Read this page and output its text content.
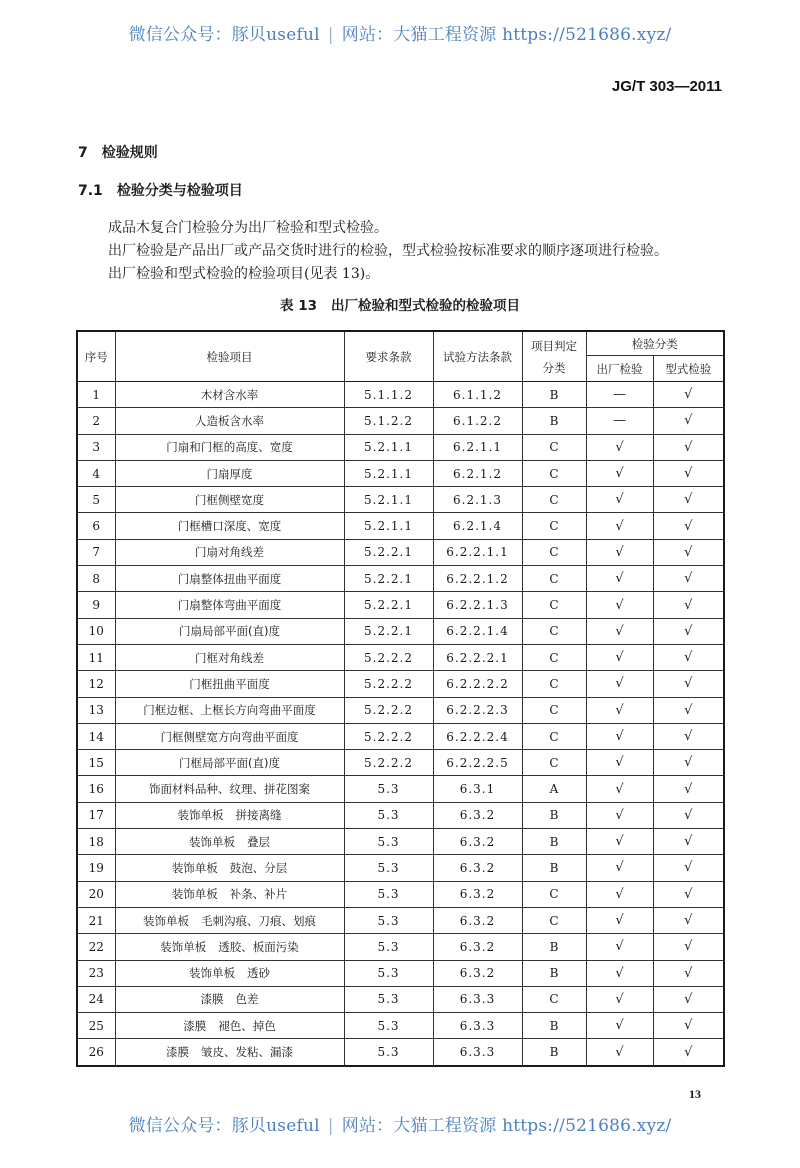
微信公众号：豚贝useful | 网站：大猫工程资源 https://521686.xyz/
JG/T 303—2011
7 检验规则
7.1 检验分类与检验项目
成品木复合门检验分为出厂检验和型式检验。
出厂检验是产品出厂或产品交货时进行的检验，型式检验按标准要求的顺序逐项进行检验。
出厂检验和型式检验的检验项目(见表 13)。
表 13 出厂检验和型式检验的检验项目
序号	检验项目	要求条款	试验方法条款	项目判定分类	检验分类	
					出厂检验	型式检验
1	木材含水率	5.1.1.2	6.1.1.2	B	—	√
2	人造板含水率	5.1.2.2	6.1.2.2	B	—	√
3	门扇和门框的高度、宽度	5.2.1.1	6.2.1.1	C	√	√
4	门扇厚度	5.2.1.1	6.2.1.2	C	√	√
5	门框侧壁宽度	5.2.1.1	6.2.1.3	C	√	√
6	门框槽口深度、宽度	5.2.1.1	6.2.1.4	C	√	√
7	门扇对角线差	5.2.2.1	6.2.2.1.1	C	√	√
8	门扇整体扭曲平面度	5.2.2.1	6.2.2.1.2	C	√	√
9	门扇整体弯曲平面度	5.2.2.1	6.2.2.1.3	C	√	√
10	门扇局部平面(直)度	5.2.2.1	6.2.2.1.4	C	√	√
11	门框对角线差	5.2.2.2	6.2.2.2.1	C	√	√
12	门框扭曲平面度	5.2.2.2	6.2.2.2.2	C	√	√
13	门框边框、上框长方向弯曲平面度	5.2.2.2	6.2.2.2.3	C	√	√
14	门框侧壁宽方向弯曲平面度	5.2.2.2	6.2.2.2.4	C	√	√
15	门框局部平面(直)度	5.2.2.2	6.2.2.2.5	C	√	√
16	饰面材料品种、纹理、拼花图案	5.3	6.3.1	A	√	√
17	装饰单板 拼接离缝	5.3	6.3.2	B	√	√
18	装饰单板 叠层	5.3	6.3.2	B	√	√
19	装饰单板 鼓泡、分层	5.3	6.3.2	B	√	√
20	装饰单板 补条、补片	5.3	6.3.2	C	√	√
21	装饰单板 毛刺沟痕、刀痕、划痕	5.3	6.3.2	C	√	√
22	装饰单板 透胶、板面污染	5.3	6.3.2	B	√	√
23	装饰单板 透砂	5.3	6.3.2	B	√	√
24	漆膜 色差	5.3	6.3.3	C	√	√
25	漆膜 褪色、掉色	5.3	6.3.3	B	√	√
26	漆膜 皱皮、发粘、漏漆	5.3	6.3.3	B	√	√
13
微信公众号：豚贝useful | 网站：大猫工程资源 https://521686.xyz/
